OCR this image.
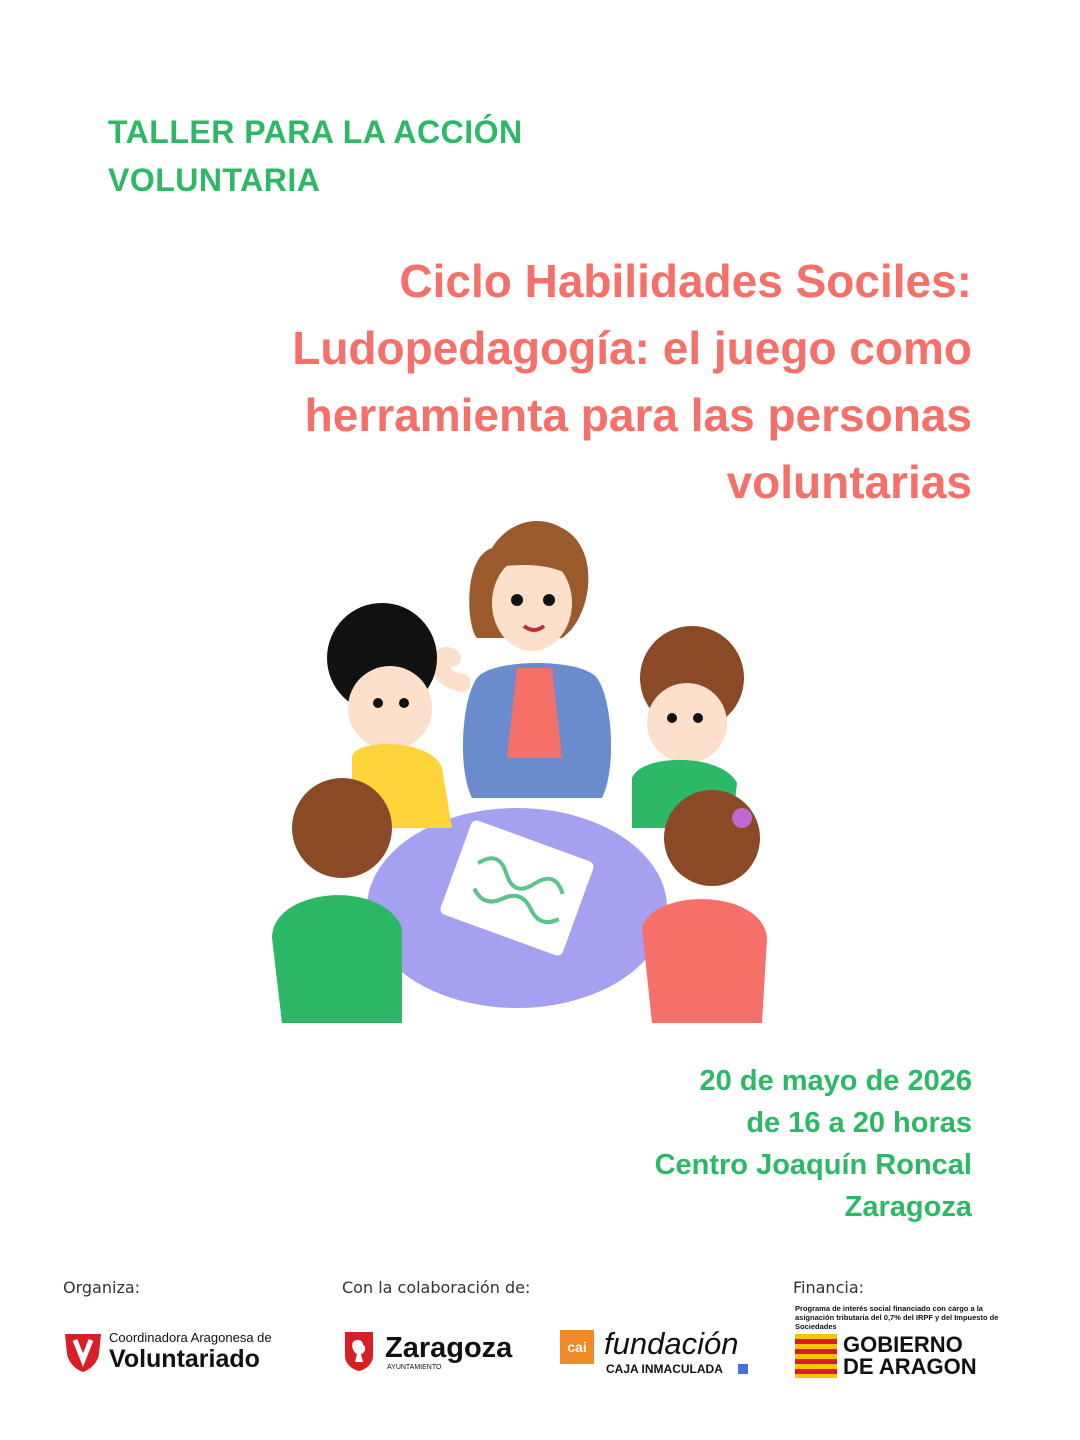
TALLER PARA LA ACCIÓN
VOLUNTARIA
Ciclo Habilidades Sociles:
Ludopedagogía: el juego como
herramienta para las personas
voluntarias
20 de mayo de 2026
de 16 a 20 horas
Centro Joaquín Roncal
Zaragoza
Organiza:	Con la colaboración de:	Financia:
Coordinadora Aragonesa de
Voluntariado	Zaragoza
AYUNTAMIENTO
cai fundación
CAJA INMACULADA
Programa de interés social financiado con cargo a la asignación tributaria del 0,7% del IRPF y del Impuesto de Sociedades
GOBIERNO
DE ARAGON
